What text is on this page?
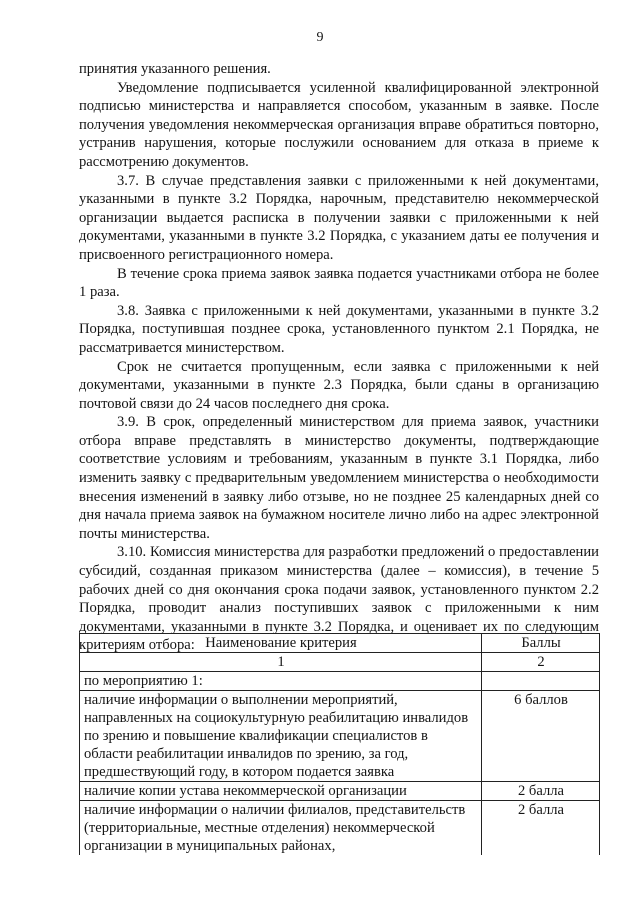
9

принятия указанного решения.

Уведомление подписывается усиленной квалифицированной электронной подписью министерства и направляется способом, указанным в заявке. После получения уведомления некоммерческая организация вправе обратиться повторно, устранив нарушения, которые послужили основанием для отказа в приеме к рассмотрению документов.

3.7. В случае представления заявки с приложенными к ней документами, указанными в пункте 3.2 Порядка, нарочным, представителю некоммерческой организации выдается расписка в получении заявки с приложенными к ней документами, указанными в пункте 3.2 Порядка, с указанием даты ее получения и присвоенного регистрационного номера.

В течение срока приема заявок заявка подается участниками отбора не более 1 раза.

3.8. Заявка с приложенными к ней документами, указанными в пункте 3.2 Порядка, поступившая позднее срока, установленного пунктом 2.1 Порядка, не рассматривается министерством.

Срок не считается пропущенным, если заявка с приложенными к ней документами, указанными в пункте 2.3 Порядка, были сданы в организацию почтовой связи до 24 часов последнего дня срока.

3.9. В срок, определенный министерством для приема заявок, участники отбора вправе представлять в министерство документы, подтверждающие соответствие условиям и требованиям, указанным в пункте 3.1 Порядка, либо изменить заявку с предварительным уведомлением министерства о необходимости внесения изменений в заявку либо отзыве, но не позднее 25 календарных дней со дня начала приема заявок на бумажном носителе лично либо на адрес электронной почты министерства.

3.10. Комиссия министерства для разработки предложений о предоставлении субсидий, созданная приказом министерства (далее – комиссия), в течение 5 рабочих дней со дня окончания срока подачи заявок, установленного пунктом 2.2 Порядка, проводит анализ поступивших заявок с приложенными к ним документами, указанными в пункте 3.2 Порядка, и оценивает их по следующим критериям отбора: Наименование критерия	Баллы
1	2
по мероприятию 1:	
наличие информации о выполнении мероприятий, направленных на социокультурную реабилитацию инвалидов по зрению и повышение квалификации специалистов в области реабилитации инвалидов по зрению, за год, предшествующий году, в котором подается заявка	6 баллов
наличие копии устава некоммерческой организации	2 балла
наличие информации о наличии филиалов, представительств (территориальные, местные отделения) некоммерческой организации в муниципальных районах,	2 балла
